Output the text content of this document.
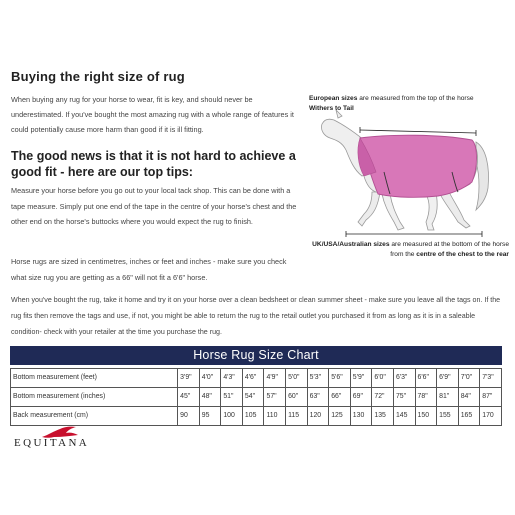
Buying the right size of rug

When buying any rug for your horse to wear, fit is key, and should never be underestimated. If you've bought the most amazing rug with a whole range of features it could potentially cause more harm than good if it is ill fitting.

The good news is that it is not hard to achieve a good fit - here are our top tips:

Measure your horse before you go out to your local tack shop. This can be done with a tape measure. Simply put one end of the tape in the centre of your horse's chest and the other end on the horse's buttocks where you would expect the rug to finish.

Horse rugs are sized in centimetres, inches or feet and inches - make sure you check what size rug you are getting as a 66" will not fit a 6'6" horse.

When you've bought the rug, take it home and try it on your horse over a clean bedsheet or clean summer sheet - make sure you leave all the tags on. If the rug fits then remove the tags and use, if not, you might be able to return the rug to the retail outlet you purchased it from as long as it is in a saleable condition- check with your retailer at the time you purchase the rug.

European sizes are measured from the top of the horse
Withers to Tail
UK/USA/Australian sizes are measured at the bottom of the horse from the centre of the chest to the rear
Horse Rug Size Chart

Bottom measurement (feet)	3'9"	4'0"	4'3"	4'6"	4'9"	5'0"	5'3"	5'6"	5'9"	6'0"	6'3"	6'6"	6'9"	7'0"	7'3"
Bottom measurement (inches)	45"	48"	51"	54"	57"	60"	63"	66"	69"	72"	75"	78"	81"	84"	87"
Back measurement (cm)	90	95	100	105	110	115	120	125	130	135	145	150	155	165	170
EQUITANA
